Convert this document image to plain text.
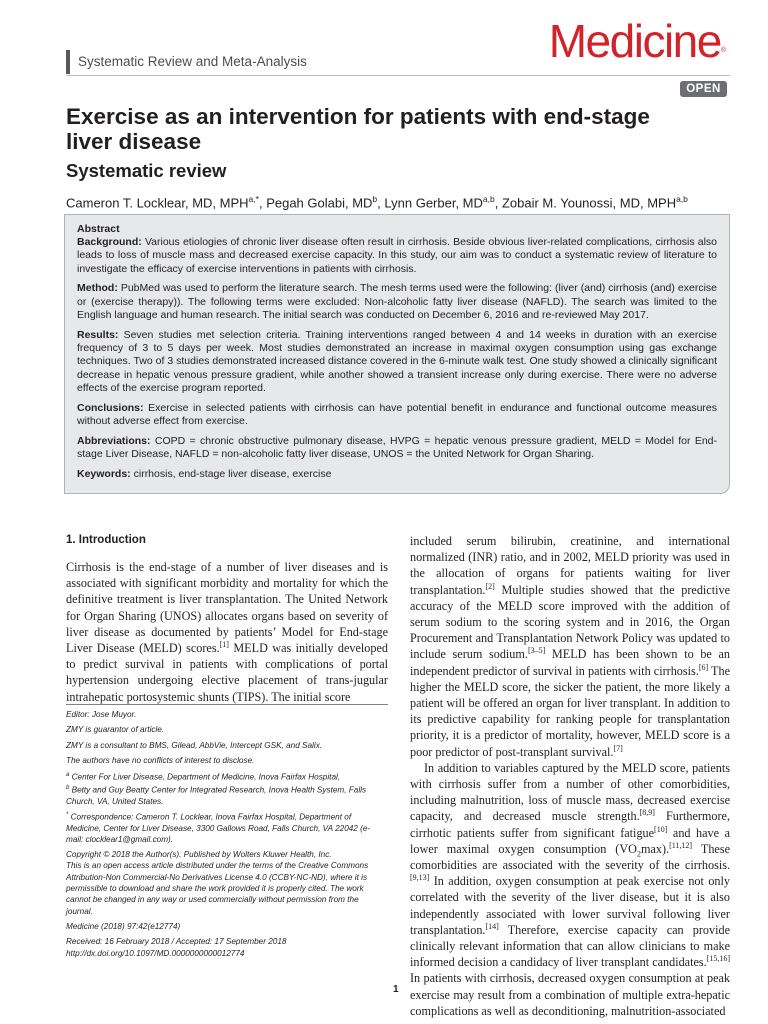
Systematic Review and Meta-Analysis	Medicine®
OPEN
Exercise as an intervention for patients with end-stage liver disease
Systematic review
Cameron T. Locklear, MD, $MPH^{a,*}$, Pegah Golabi, $MD^b$, Lynn Gerber, MD$^{a,b}$, Zobair M. Younossi, MD, MPH$^{a,b}$
Abstract

Background: Various etiologies of chronic liver disease often result in cirrhosis. Beside obvious liver-related complications, cirrhosis also leads to loss of muscle mass and decreased exercise capacity. In this study, our aim was to conduct a systematic review of literature to investigate the efficacy of exercise interventions in patients with cirrhosis.

Method: PubMed was used to perform the literature search. The mesh terms used were the following: (liver (and) cirrhosis (and) exercise or (exercise therapy)). The following terms were excluded: Non-alcoholic fatty liver disease (NAFLD). The search was limited to the English language and human research. The initial search was conducted on December 6, 2016 and re-reviewed May 2017.

Results: Seven studies met selection criteria. Training interventions ranged between 4 and 14 weeks in duration with an exercise frequency of 3 to 5 days per week. Most studies demonstrated an increase in maximal oxygen consumption using gas exchange techniques. Two of 3 studies demonstrated increased distance covered in the 6-minute walk test. One study showed a clinically significant decrease in hepatic venous pressure gradient, while another showed a transient increase only during exercise. There were no adverse effects of the exercise program reported.

Conclusions: Exercise in selected patients with cirrhosis can have potential benefit in endurance and functional outcome measures without adverse effect from exercise.

Abbreviations: COPD = chronic obstructive pulmonary disease, HVPG = hepatic venous pressure gradient, MELD = Model for End-stage Liver Disease, NAFLD = non-alcoholic fatty liver disease, UNOS = the United Network for Organ Sharing.

Keywords: cirrhosis, end-stage liver disease, exercise

1. Introduction

Cirrhosis is the end-stage of a number of liver diseases and is associated with significant morbidity and mortality for which the definitive treatment is liver transplantation. The United Network for Organ Sharing (UNOS) allocates organs based on severity of liver disease as documented by patients’ Model for End-stage Liver Disease (MELD) scores.[1] MELD was initially developed to predict survival in patients with complications of portal hypertension undergoing elective placement of trans-jugular intrahepatic portosystemic shunts (TIPS). The initial score

Editor: Jose Muyor.

ZMY is guarantor of article.

ZMY is a consultant to BMS, Gilead, AbbVie, Intercept GSK, and Salix.

The authors have no conflicts of interest to disclose.

$^a$ Center For Liver Disease, Department of Medicine, Inova Fairfax Hospital,
$^b$ Betty and Guy Beatty Center for Integrated Research, Inova Health System, Falls Church, VA, United States.

* Correspondence: Cameron T. Locklear, Inova Fairfax Hospital, Department of Medicine, Center for Liver Disease, 3300 Gallows Road, Falls Church, VA 22042 (e-mail: clocklear1@gmail.com).

Copyright © 2018 the Author(s). Published by Wolters Kluwer Health, Inc.

This is an open access article distributed under the terms of the Creative Commons Attribution-Non Commercial-No Derivatives License 4.0 (CCBY-NC-ND), where it is permissible to download and share the work provided it is properly cited. The work cannot be changed in any way or used commercially without permission from the journal.

Medicine (2018) 97:42(e12774)

Received: 16 February 2018 / Accepted: 17 September 2018

http://dx.doi.org/10.1097/MD.0000000000012774

included serum bilirubin, creatinine, and international normalized (INR) ratio, and in 2002, MELD priority was used in the allocation of organs for patients waiting for liver transplantation.[2] Multiple studies showed that the predictive accuracy of the MELD score improved with the addition of serum sodium to the scoring system and in 2016, the Organ Procurement and Transplantation Network Policy was updated to include serum sodium.[3–5] MELD has been shown to be an independent predictor of survival in patients with cirrhosis.[6] The higher the MELD score, the sicker the patient, the more likely a patient will be offered an organ for liver transplant. In addition to its predictive capability for ranking people for transplantation priority, it is a predictor of mortality, however, MELD score is a poor predictor of post-transplant survival.[7]

In addition to variables captured by the MELD score, patients with cirrhosis suffer from a number of other comorbidities, including malnutrition, loss of muscle mass, decreased exercise capacity, and decreased muscle strength.[8,9] Furthermore, cirrhotic patients suffer from significant fatigue[10] and have a lower maximal oxygen consumption $(VO_2\max).[11,12]$ These comorbidities are associated with the severity of the cirrhosis.[9,13] In addition, oxygen consumption at peak exercise not only correlated with the severity of the liver disease, but it is also independently associated with lower survival following liver transplantation.[14] Therefore, exercise capacity can provide clinically relevant information that can allow clinicians to make informed decision a candidacy of liver transplant candidates.[15,16] In patients with cirrhosis, decreased oxygen consumption at peak exercise may result from a combination of multiple extra-hepatic complications as well as deconditioning, malnutrition-associated

1
